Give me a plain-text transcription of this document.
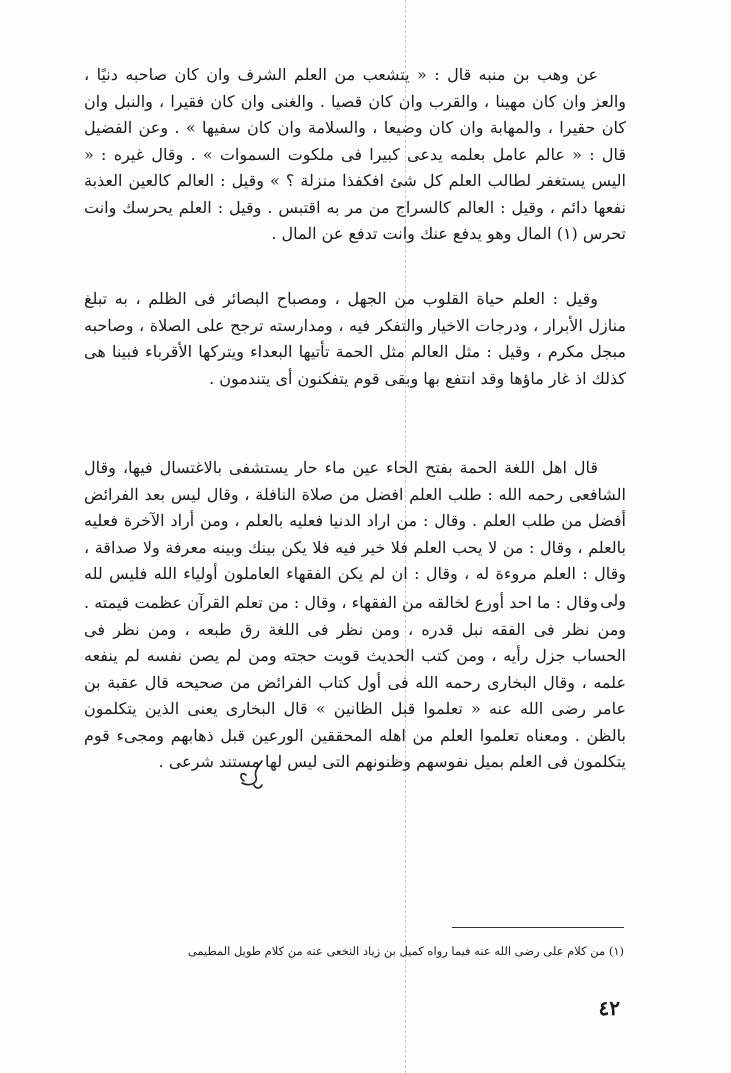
عن وهب بن منبه قال : « يتشعب من العلم الشرف وان كان صاحبه دنيًا ، والعز وان كان مهينا ، والقرب وان كان قصيا . والغنى وان كان فقيرا ، والنبل وان كان حقيرا ، والمهابة وان كان وضيعا ، والسلامة وان كان سفيها » . وعن الفضيل قال : « عالم عامل بعلمه يدعى كبيرا فى ملكوت السموات » . وقال غيره : « اليس يستغفر لطالب العلم كل شئ افكفذا منزلة ؟ » وقيل : العالم كالعين العذبة نفعها دائم ، وقيل : العالم كالسراج من مر به اقتبس . وقيل : العلم يحرسك وانت تحرس (١) المال وهو يدفع عنك وانت تدفع عن المال .

وقيل : العلم حياة القلوب من الجهل ، ومصباح البصائر فى الظلم ، به تبلغ منازل الأبرار ، ودرجات الاخيار والتفكر فيه ، ومدارسته ترجح على الصلاة ، وصاحبه مبجل مكرم ، وقيل : مثل العالم مثل الحمة تأتيها البعداء ويتركها الأقرباء فبينا هى كذلك اذ غار ماؤها وقد انتفع بها وبقى قوم يتفكنون أى يتندمون .

قال اهل اللغة الحمة بفتح الحاء عين ماء حار يستشفى بالاغتسال فيها، وقال الشافعى رحمه الله : طلب العلم افضل من صلاة النافلة ، وقال ليس بعد الفرائض أفضل من طلب العلم . وقال : من اراد الدنيا فعليه بالعلم ، ومن أراد الآخرة فعليه بالعلم ، وقال : من لا يحب العلم فلا خير فيه فلا يكن بينك وبينه معرفة ولا صداقة ، وقال : العلم مروءة له ، وقال : ان لم يكن الفقهاء العاملون أولياء الله فليس لله ولى .

وقال : ما احد أورع لخالقه من الفقهاء ، وقال : من تعلم القرآن عظمت قيمته . ومن نظر فى الفقه نبل قدره ، ومن نظر فى اللغة رق طبعه ، ومن نظر فى الحساب جزل رأيه ، ومن كتب الحديث قويت حجته ومن لم يصن نفسه لم ينفعه علمه ، وقال البخارى رحمه الله فى أول كتاب الفرائض من صحيحه قال عقبة بن عامر رضى الله عنه « تعلموا قبل الظانين » قال البخارى يعنى الذين يتكلمون بالظن . ومعناه تعلموا العلم من اهله المحققين الورعين قبل ذهابهم ومجىء قوم يتكلمون فى العلم بميل نفوسهم وظنونهم التى ليس لها مستند شرعى .

(١) من كلام على رضى الله عنه فيما رواه كميل بن زياد النخعى عنه من كلام طويل المطيمى
٤٢
